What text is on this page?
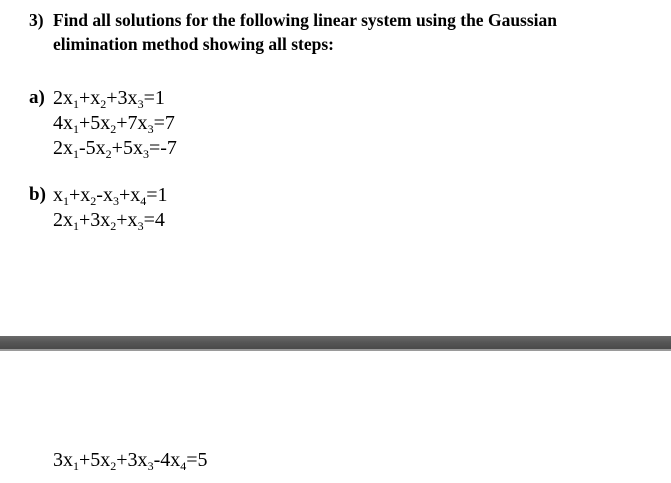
3) Find all solutions for the following linear system using the Gaussian
elimination method showing all steps:
a) $2x_1+x_2+3x_3=1$
$4x_1+5x_2+7x_3=7$
$2x_1-5x_2+5x_3=-7$
b) $x_1+x_2-x_3+x_4=1$
$2x_1+3x_2+x_3=4$
$3x_1+5x_2+3x_3-4x_4=5$
